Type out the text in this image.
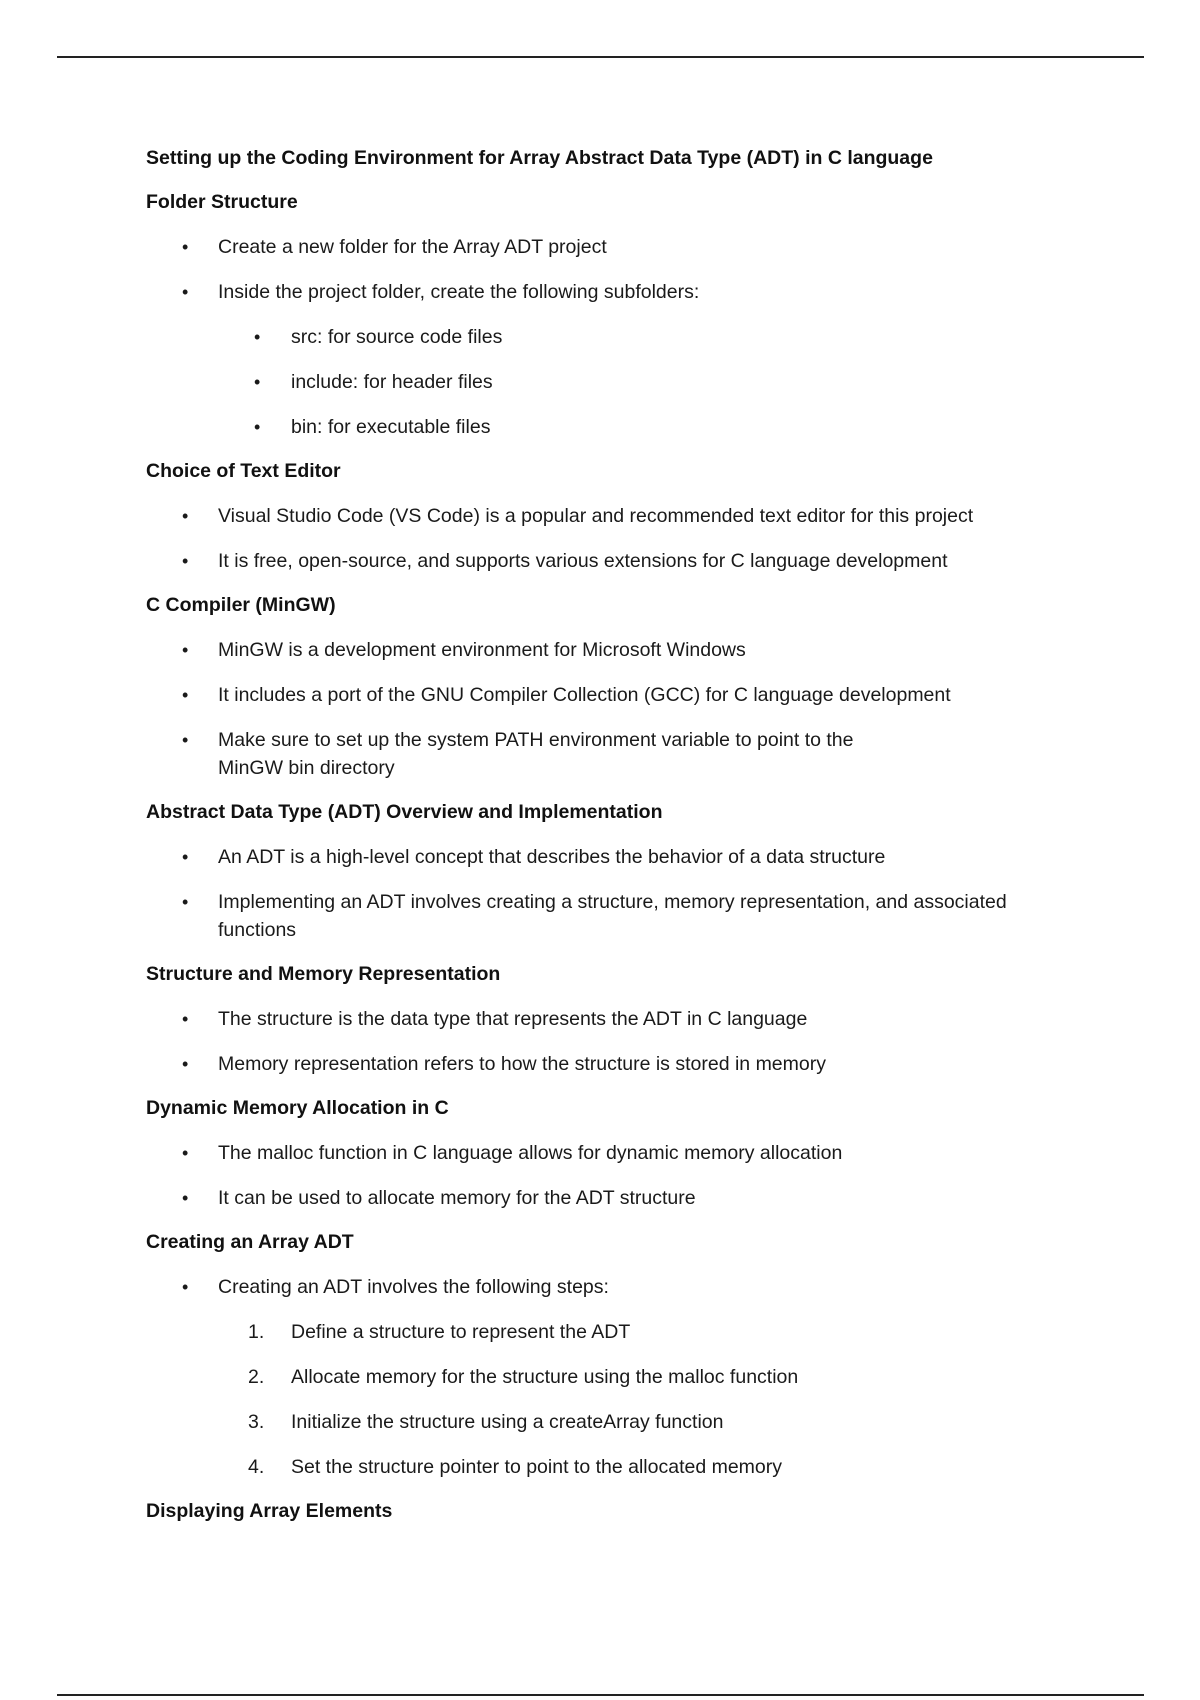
Setting up the Coding Environment for Array Abstract Data Type (ADT) in C language
Folder Structure
• Create a new folder for the Array ADT project
• Inside the project folder, create the following subfolders:
• src: for source code files
• include: for header files
• bin: for executable files
Choice of Text Editor
• Visual Studio Code (VS Code) is a popular and recommended text editor for this project
• It is free, open-source, and supports various extensions for C language development
C Compiler (MinGW)
• MinGW is a development environment for Microsoft Windows
• It includes a port of the GNU Compiler Collection (GCC) for C language development
• Make sure to set up the system PATH environment variable to point to the MinGW bin directory
Abstract Data Type (ADT) Overview and Implementation
• An ADT is a high-level concept that describes the behavior of a data structure
• Implementing an ADT involves creating a structure, memory representation, and associated functions
Structure and Memory Representation
• The structure is the data type that represents the ADT in C language
• Memory representation refers to how the structure is stored in memory
Dynamic Memory Allocation in C
• The malloc function in C language allows for dynamic memory allocation
• It can be used to allocate memory for the ADT structure
Creating an Array ADT
• Creating an ADT involves the following steps:
1. Define a structure to represent the ADT
2. Allocate memory for the structure using the malloc function
3. Initialize the structure using a createArray function
4. Set the structure pointer to point to the allocated memory
Displaying Array Elements
